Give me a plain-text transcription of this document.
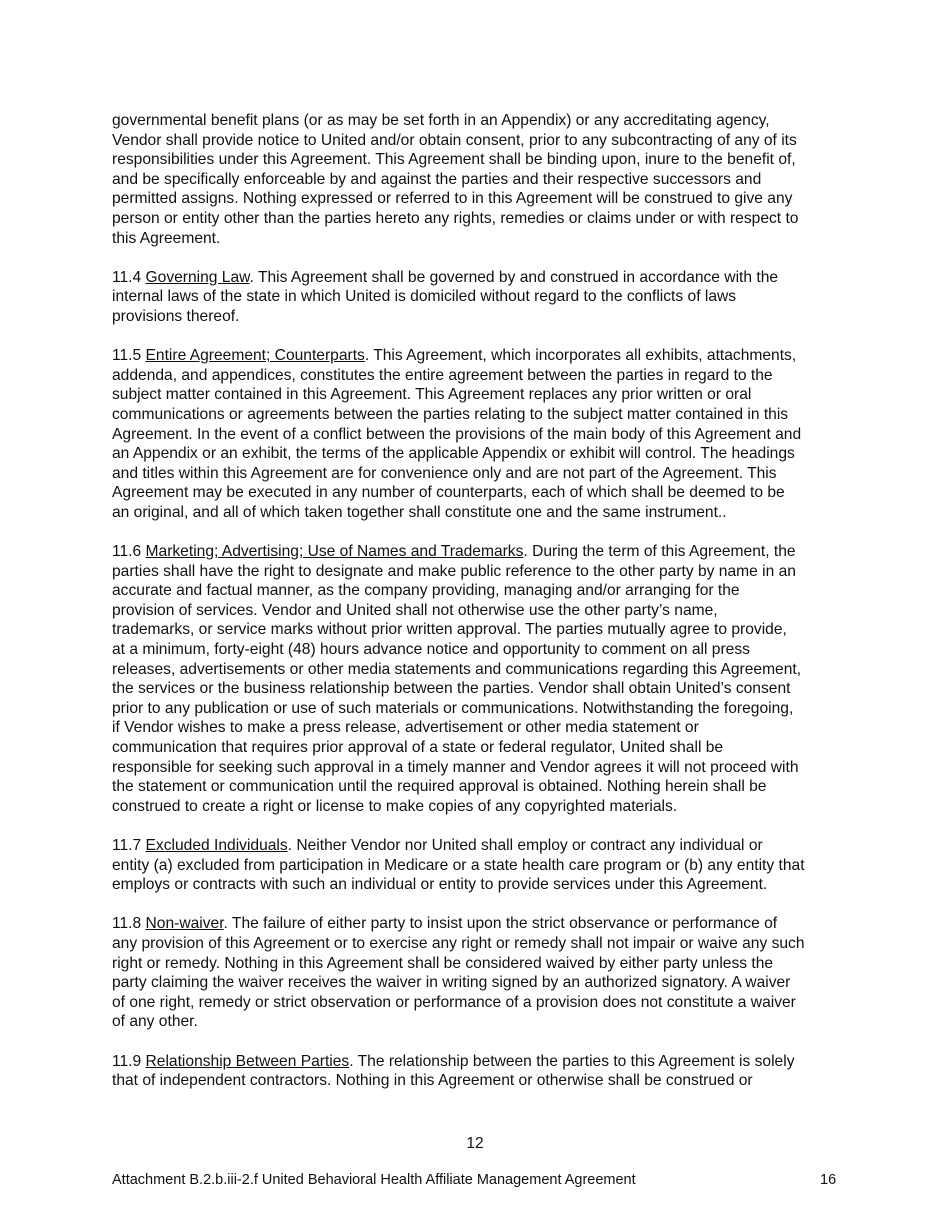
governmental benefit plans (or as may be set forth in an Appendix) or any accreditating agency,
Vendor shall provide notice to United and/or obtain consent, prior to any subcontracting of any of its
responsibilities under this Agreement. This Agreement shall be binding upon, inure to the benefit of,
and be specifically enforceable by and against the parties and their respective successors and
permitted assigns. Nothing expressed or referred to in this Agreement will be construed to give any
person or entity other than the parties hereto any rights, remedies or claims under or with respect to
this Agreement.

11.4 Governing Law. This Agreement shall be governed by and construed in accordance with the
internal laws of the state in which United is domiciled without regard to the conflicts of laws
provisions thereof.

11.5 Entire Agreement; Counterparts. This Agreement, which incorporates all exhibits, attachments,
addenda, and appendices, constitutes the entire agreement between the parties in regard to the
subject matter contained in this Agreement. This Agreement replaces any prior written or oral
communications or agreements between the parties relating to the subject matter contained in this
Agreement. In the event of a conflict between the provisions of the main body of this Agreement and
an Appendix or an exhibit, the terms of the applicable Appendix or exhibit will control. The headings
and titles within this Agreement are for convenience only and are not part of the Agreement. This
Agreement may be executed in any number of counterparts, each of which shall be deemed to be
an original, and all of which taken together shall constitute one and the same instrument..

11.6 Marketing; Advertising; Use of Names and Trademarks. During the term of this Agreement, the
parties shall have the right to designate and make public reference to the other party by name in an
accurate and factual manner, as the company providing, managing and/or arranging for the
provision of services. Vendor and United shall not otherwise use the other party’s name,
trademarks, or service marks without prior written approval. The parties mutually agree to provide,
at a minimum, forty-eight (48) hours advance notice and opportunity to comment on all press
releases, advertisements or other media statements and communications regarding this Agreement,
the services or the business relationship between the parties. Vendor shall obtain United’s consent
prior to any publication or use of such materials or communications. Notwithstanding the foregoing,
if Vendor wishes to make a press release, advertisement or other media statement or
communication that requires prior approval of a state or federal regulator, United shall be
responsible for seeking such approval in a timely manner and Vendor agrees it will not proceed with
the statement or communication until the required approval is obtained. Nothing herein shall be
construed to create a right or license to make copies of any copyrighted materials.

11.7 Excluded Individuals. Neither Vendor nor United shall employ or contract any individual or
entity (a) excluded from participation in Medicare or a state health care program or (b) any entity that
employs or contracts with such an individual or entity to provide services under this Agreement.

11.8 Non-waiver. The failure of either party to insist upon the strict observance or performance of
any provision of this Agreement or to exercise any right or remedy shall not impair or waive any such
right or remedy. Nothing in this Agreement shall be considered waived by either party unless the
party claiming the waiver receives the waiver in writing signed by an authorized signatory. A waiver
of one right, remedy or strict observation or performance of a provision does not constitute a waiver
of any other.

11.9 Relationship Between Parties. The relationship between the parties to this Agreement is solely
that of independent contractors. Nothing in this Agreement or otherwise shall be construed or

12
Attachment B.2.b.iii-2.f United Behavioral Health Affiliate Management Agreement	16
